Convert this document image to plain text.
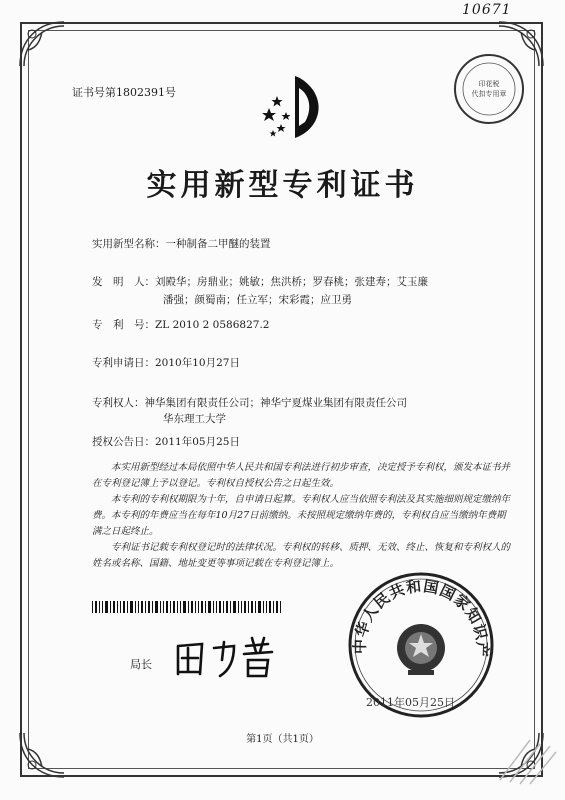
10671
证书号第1802391号
印花税
代扣专用章
实用新型专利证书
实用新型名称：一种制备二甲醚的装置
发　明　人：刘殿华；房鼎业；姚敏；焦洪桥；罗春桃；张建寿；艾玉廉
潘强；颜蜀南；任立军；宋彩霞；应卫勇
专　利　号：ZL 2010 2 0586827.2
专利申请日：2010年10月27日
专利权人：神华集团有限责任公司；神华宁夏煤业集团有限责任公司
华东理工大学
授权公告日：2011年05月25日

本实用新型经过本局依照中华人民共和国专利法进行初步审查，决定授予专利权，颁发本证书并在专利登记簿上予以登记。专利权自授权公告之日起生效。

本专利的专利权期限为十年，自申请日起算。专利权人应当依照专利法及其实施细则规定缴纳年费。本专利的年费应当在每年10月27日前缴纳。未按照规定缴纳年费的，专利权自应当缴纳年费期满之日起终止。

专利证书记载专利权登记时的法律状况。专利权的转移、质押、无效、终止、恢复和专利权人的姓名或名称、国籍、地址变更等事项记载在专利登记簿上。

局长
中华人民共和国国家知识产
2011年05月25日
第1页（共1页）
